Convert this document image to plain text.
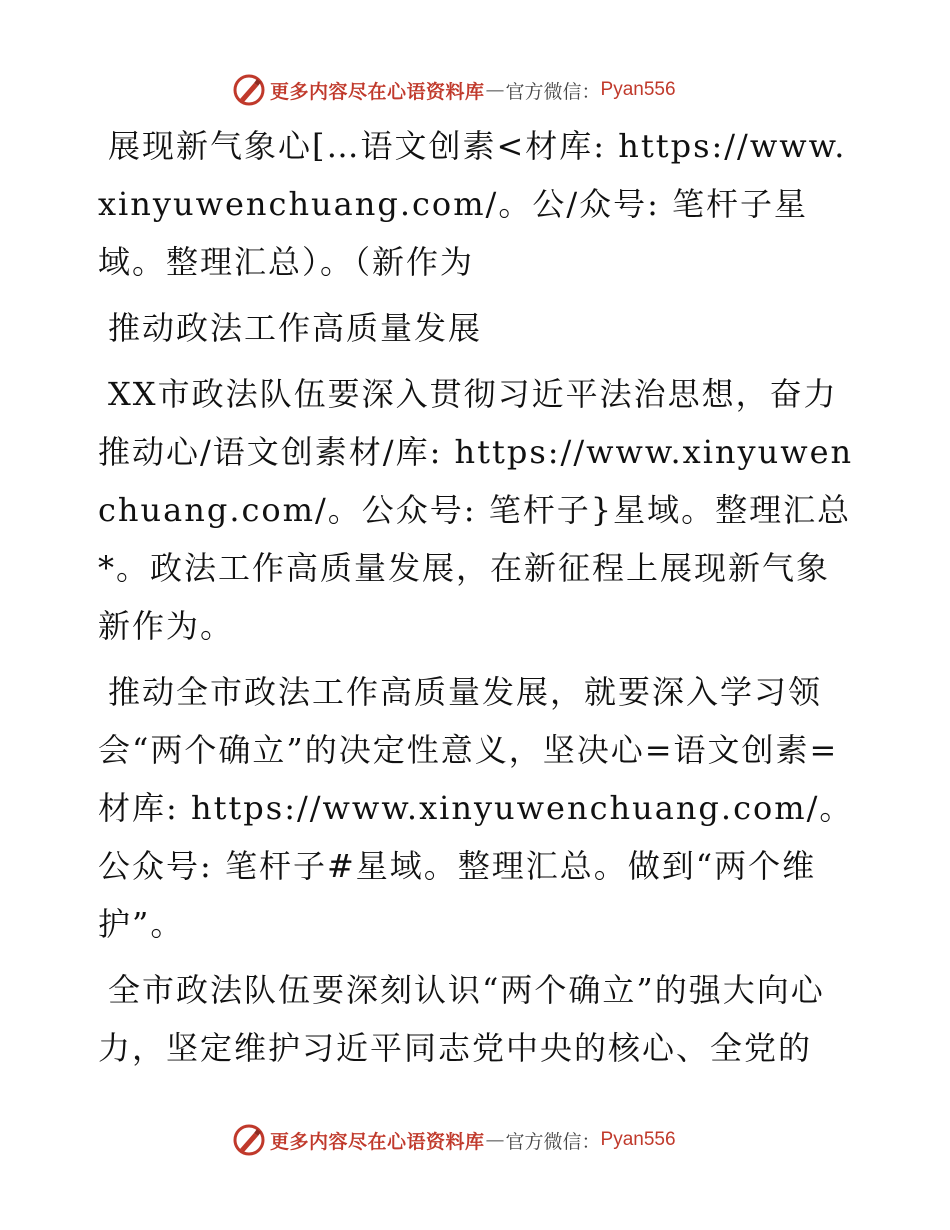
更多内容尽在心语资料库 — 官方微信： Pyan556

展现新气象心[…语文创素<材库: https://www.xinyuwenchuang.com/。公/众号: 笔杆子星域。整理汇总）。（新作为

推动政法工作高质量发展

XX市政法队伍要深入贯彻习近平法治思想，奋力推动心/语文创素材/库: https://www.xinyuwenchuang.com/。公众号: 笔杆子}星域。整理汇总*。政法工作高质量发展，在新征程上展现新气象新作为。

推动全市政法工作高质量发展，就要深入学习领会“两个确立”的决定性意义，坚决心=语文创素=材库: https://www.xinyuwenchuang.com/。公众号: 笔杆子#星域。整理汇总。做到“两个维护”。

全市政法队伍要深刻认识“两个确立”的强大向心力，坚定维护习近平同志党中央的核心、全党的

更多内容尽在心语资料库 — 官方微信： Pyan556
